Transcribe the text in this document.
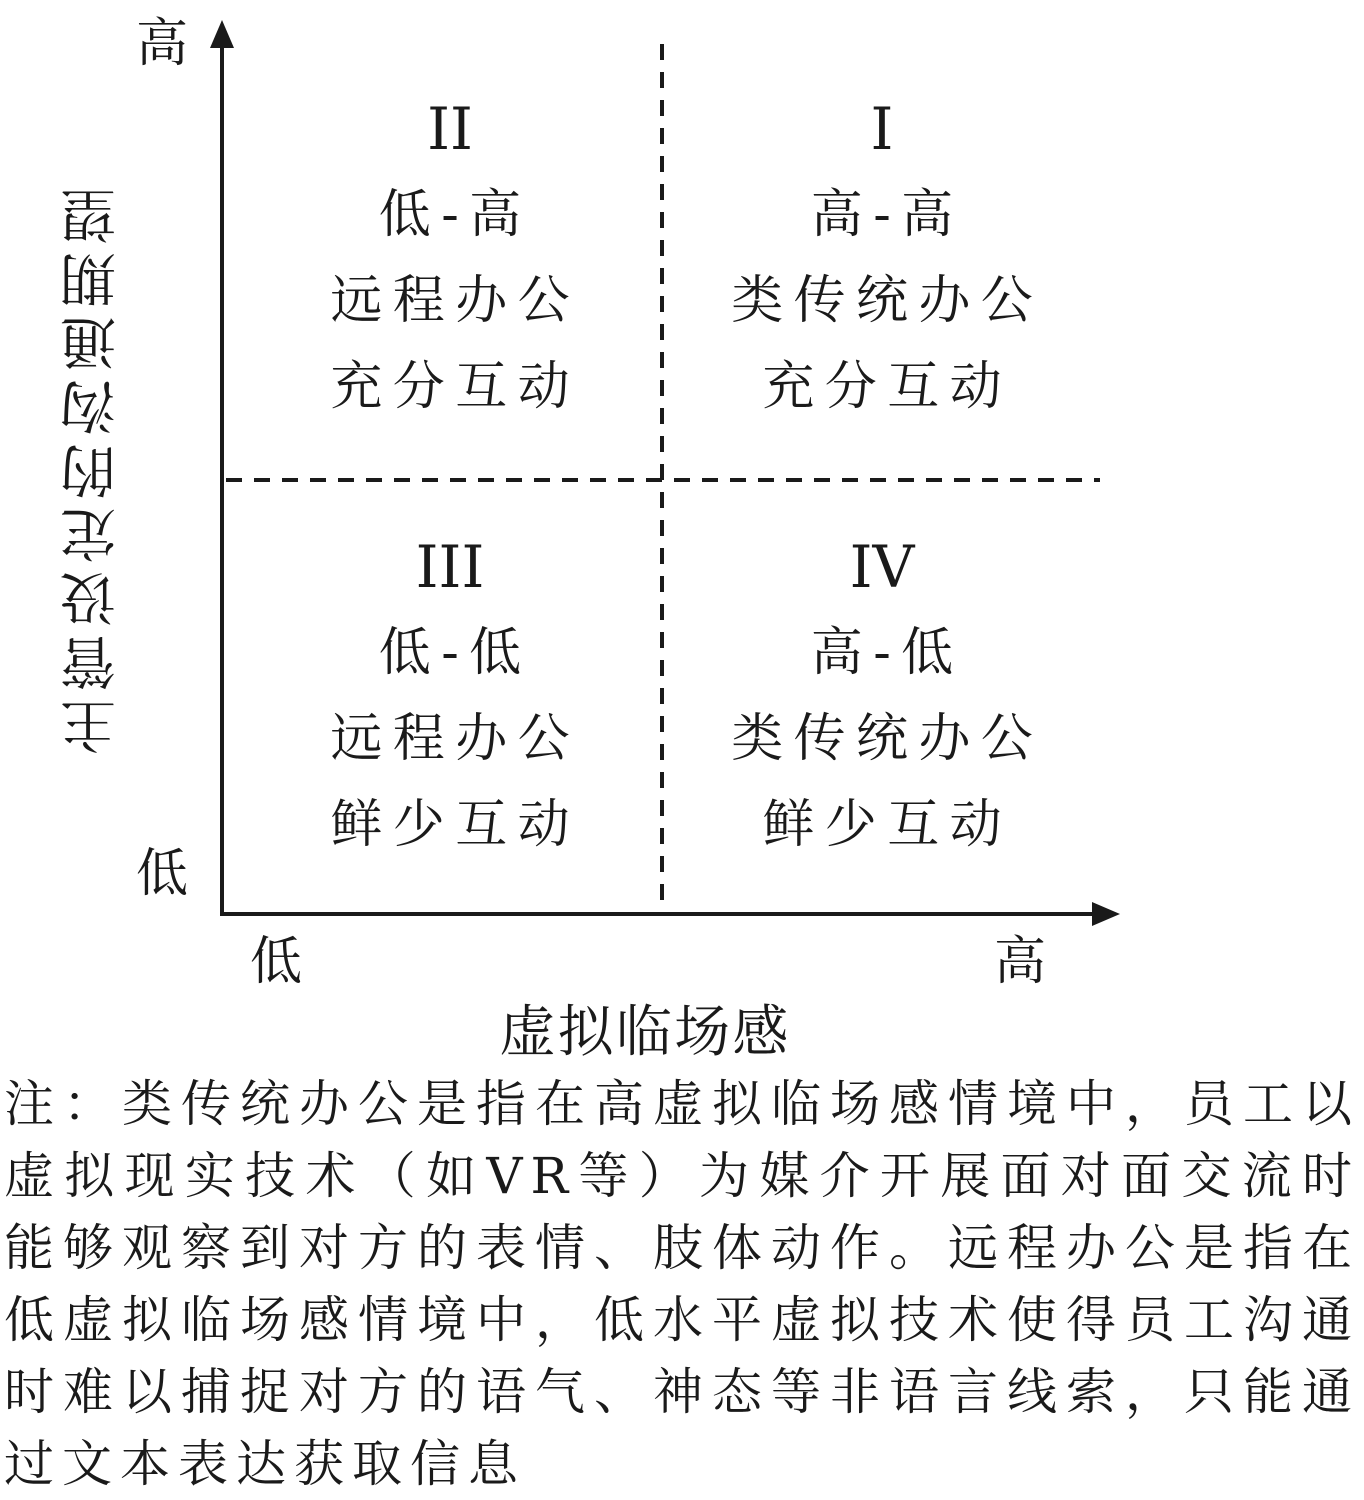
主管设定的沟通期望
高
低
低	高
虚拟临场感
II
低-高
远程办公
充分互动
I
高-高
类传统办公
充分互动
III
低-低
远程办公
鲜少互动
IV
高-低
类传统办公
鲜少互动

注：类传统办公是指在高虚拟临场感情境中，员工以虚拟现实技术（如VR等）为媒介开展面对面交流时能够观察到对方的表情、肢体动作。远程办公是指在低虚拟临场感情境中，低水平虚拟技术使得员工沟通时难以捕捉对方的语气、神态等非语言线索，只能通过文本表达获取信息
